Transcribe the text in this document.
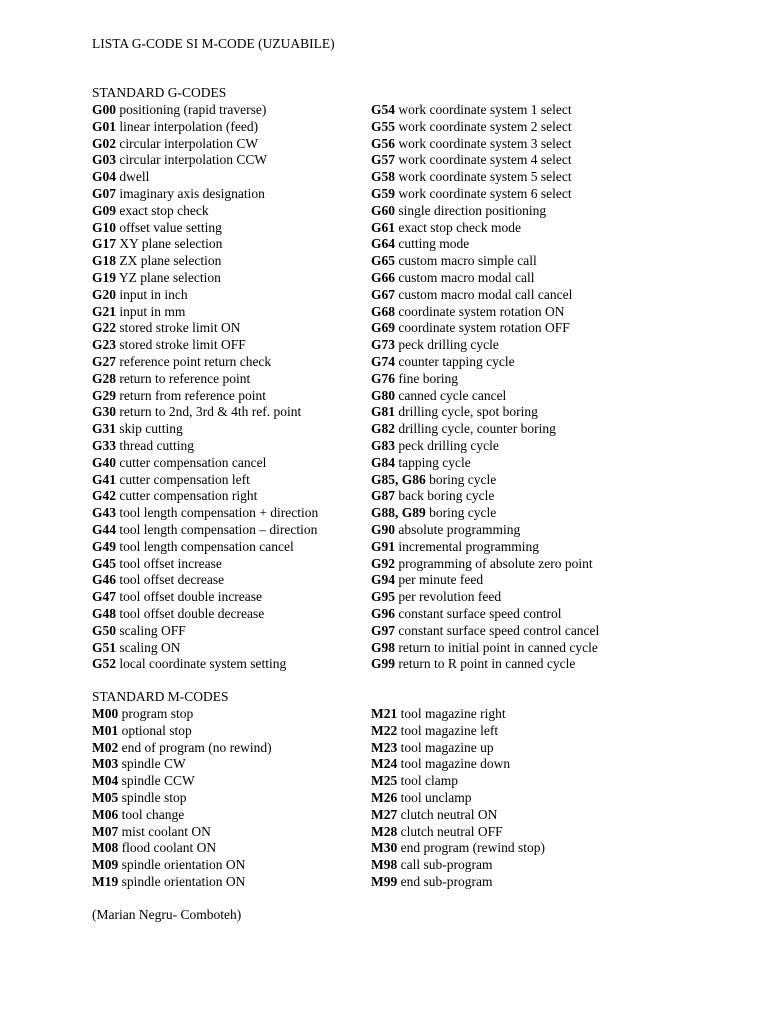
LISTA G-CODE SI M-CODE (UZUABILE)
STANDARD G-CODES
G00 positioning (rapid traverse)
G01 linear interpolation (feed)
G02 circular interpolation CW
G03 circular interpolation CCW
G04 dwell
G07 imaginary axis designation
G09 exact stop check
G10 offset value setting
G17 XY plane selection
G18 ZX plane selection
G19 YZ plane selection
G20 input in inch
G21 input in mm
G22 stored stroke limit ON
G23 stored stroke limit OFF
G27 reference point return check
G28 return to reference point
G29 return from reference point
G30 return to 2nd, 3rd & 4th ref. point
G31 skip cutting
G33 thread cutting
G40 cutter compensation cancel
G41 cutter compensation left
G42 cutter compensation right
G43 tool length compensation + direction
G44 tool length compensation – direction
G49 tool length compensation cancel
G45 tool offset increase
G46 tool offset decrease
G47 tool offset double increase
G48 tool offset double decrease
G50 scaling OFF
G51 scaling ON
G52 local coordinate system setting
G54 work coordinate system 1 select
G55 work coordinate system 2 select
G56 work coordinate system 3 select
G57 work coordinate system 4 select
G58 work coordinate system 5 select
G59 work coordinate system 6 select
G60 single direction positioning
G61 exact stop check mode
G64 cutting mode
G65 custom macro simple call
G66 custom macro modal call
G67 custom macro modal call cancel
G68 coordinate system rotation ON
G69 coordinate system rotation OFF
G73 peck drilling cycle
G74 counter tapping cycle
G76 fine boring
G80 canned cycle cancel
G81 drilling cycle, spot boring
G82 drilling cycle, counter boring
G83 peck drilling cycle
G84 tapping cycle
G85, G86 boring cycle
G87 back boring cycle
G88, G89 boring cycle
G90 absolute programming
G91 incremental programming
G92 programming of absolute zero point
G94 per minute feed
G95 per revolution feed
G96 constant surface speed control
G97 constant surface speed control cancel
G98 return to initial point in canned cycle
G99 return to R point in canned cycle
STANDARD M-CODES
M00 program stop
M01 optional stop
M02 end of program (no rewind)
M03 spindle CW
M04 spindle CCW
M05 spindle stop
M06 tool change
M07 mist coolant ON
M08 flood coolant ON
M09 spindle orientation ON
M19 spindle orientation ON
M21 tool magazine right
M22 tool magazine left
M23 tool magazine up
M24 tool magazine down
M25 tool clamp
M26 tool unclamp
M27 clutch neutral ON
M28 clutch neutral OFF
M30 end program (rewind stop)
M98 call sub-program
M99 end sub-program
(Marian Negru- Comboteh)
